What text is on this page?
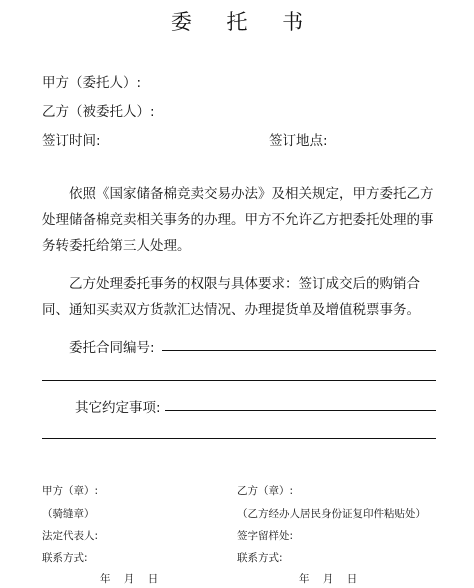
委 托 书
甲方（委托人）:
乙方（被委托人）:
签订时间:	签订地点:
依照《国家储备棉竞卖交易办法》及相关规定，甲方委托乙方处理储备棉竞卖相关事务的办理。甲方不允许乙方把委托处理的事务转委托给第三人处理。
乙方处理委托事务的权限与具体要求：签订成交后的购销合同、通知买卖双方货款汇达情况、办理提货单及增值税票事务。
委托合同编号:
其它约定事项:
甲方（章）:
（骑缝章）
法定代表人:
联系方式:
年    月    日
乙方（章）:
（乙方经办人居民身份证复印件粘贴处）
签字留样处:
联系方式:
年    月    日
